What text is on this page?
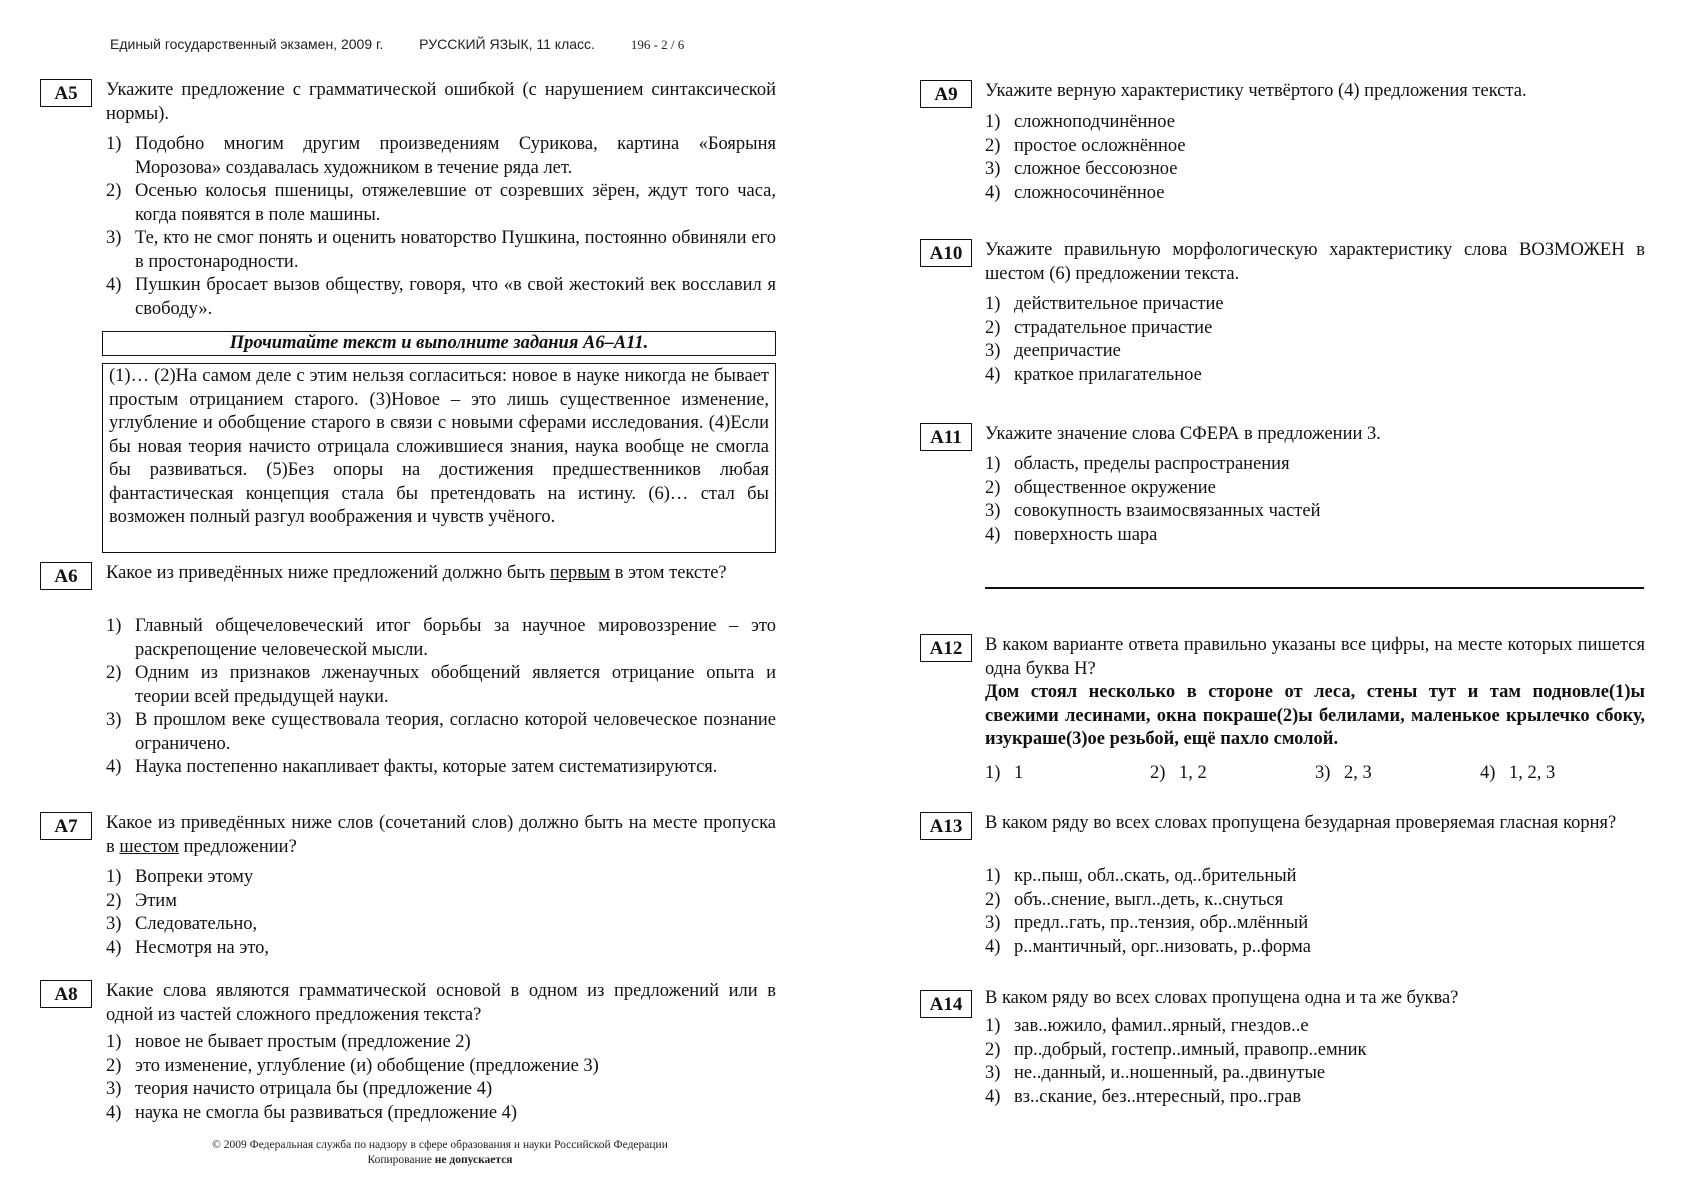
Единый государственный экзамен, 2009 г.	РУССКИЙ ЯЗЫК, 11 класс.	196 - 2 / 6
А5	Укажите предложение с грамматической ошибкой (с нарушением синтаксической нормы).
1) Подобно многим другим произведениям Сурикова, картина «Боярыня Морозова» создавалась художником в течение ряда лет.
2) Осенью колосья пшеницы, отяжелевшие от созревших зёрен, ждут того часа, когда появятся в поле машины.
3) Те, кто не смог понять и оценить новаторство Пушкина, постоянно обвиняли его в простонародности.
4) Пушкин бросает вызов обществу, говоря, что «в свой жестокий век восславил я свободу».
Прочитайте текст и выполните задания А6–А11.
(1)… (2)На самом деле с этим нельзя согласиться: новое в науке никогда не бывает простым отрицанием старого. (3)Новое – это лишь существенное изменение, углубление и обобщение старого в связи с новыми сферами исследования. (4)Если бы новая теория начисто отрицала сложившиеся знания, наука вообще не смогла бы развиваться. (5)Без опоры на достижения предшественников любая фантастическая концепция стала бы претендовать на истину. (6)… стал бы возможен полный разгул воображения и чувств учёного.
А6	Какое из приведённых ниже предложений должно быть первым в этом тексте?
1) Главный общечеловеческий итог борьбы за научное мировоззрение – это раскрепощение человеческой мысли.
2) Одним из признаков лженаучных обобщений является отрицание опыта и теории всей предыдущей науки.
3) В прошлом веке существовала теория, согласно которой человеческое познание ограничено.
4) Наука постепенно накапливает факты, которые затем систематизируются.
А7	Какое из приведённых ниже слов (сочетаний слов) должно быть на месте пропуска в шестом предложении?
1) Вопреки этому
2) Этим
3) Следовательно,
4) Несмотря на это,
А8	Какие слова являются грамматической основой в одном из предложений или в одной из частей сложного предложения текста?
1) новое не бывает простым (предложение 2)
2) это изменение, углубление (и) обобщение (предложение 3)
3) теория начисто отрицала бы (предложение 4)
4) наука не смогла бы развиваться (предложение 4)
А9	Укажите верную характеристику четвёртого (4) предложения текста.
1) сложноподчинённое
2) простое осложнённое
3) сложное бессоюзное
4) сложносочинённое
А10	Укажите правильную морфологическую характеристику слова ВОЗМОЖЕН в шестом (6) предложении текста.
1) действительное причастие
2) страдательное причастие
3) деепричастие
4) краткое прилагательное
А11	Укажите значение слова СФЕРА в предложении 3.
1) область, пределы распространения
2) общественное окружение
3) совокупность взаимосвязанных частей
4) поверхность шара
А12	В каком варианте ответа правильно указаны все цифры, на месте которых пишется одна буква Н?
Дом стоял несколько в стороне от леса, стены тут и там подновле(1)ы свежими лесинами, окна покраше(2)ы белилами, маленькое крылечко сбоку, изукраше(3)ое резьбой, ещё пахло смолой.
1) 1	2) 1, 2	3) 2, 3	4) 1, 2, 3
А13	В каком ряду во всех словах пропущена безударная проверяемая гласная корня?
1) кр..пыш, обл..скать, од..брительный
2) объ..снение, выгл..деть, к..снуться
3) предл..гать, пр..тензия, обр..млённый
4) р..мантичный, орг..низовать, р..форма
А14	В каком ряду во всех словах пропущена одна и та же буква?
1) зав..южило, фамил..ярный, гнездов..е
2) пр..добрый, гостепр..имный, правопр..емник
3) не..данный, и..ношенный, ра..двинутые
4) вз..скание, без..нтересный, про..грав
© 2009 Федеральная служба по надзору в сфере образования и науки Российской Федерации
Копирование не допускается
